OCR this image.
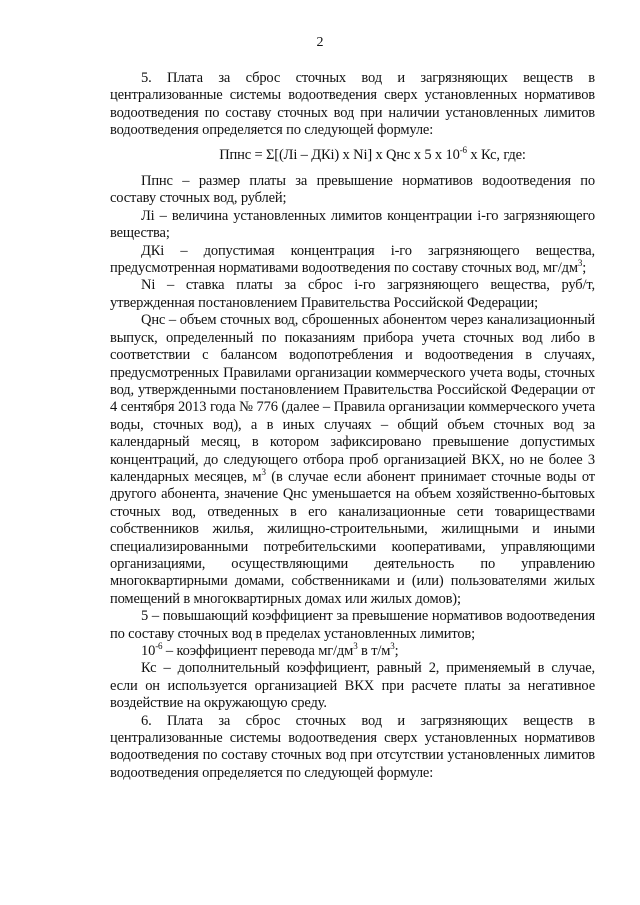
2

5. Плата за сброс сточных вод и загрязняющих веществ в централизованные системы водоотведения сверх установленных нормативов водоотведения по составу сточных вод при наличии установленных лимитов водоотведения определяется по следующей формуле:

Ппнс = Σ[(Лi – ДКi) x Ni] x Qнс x 5 x $10^{-6}$ x Кс, где:

Ппнс – размер платы за превышение нормативов водоотведения по составу сточных вод, рублей;

Лi – величина установленных лимитов концентрации i-го загрязняющего вещества;

ДКi – допустимая концентрация i-го загрязняющего вещества, предусмотренная нормативами водоотведения по составу сточных вод, $мг/дм^3$;

Ni – ставка платы за сброс i-го загрязняющего вещества, руб/т, утвержденная постановлением Правительства Российской Федерации;

Qнс – объем сточных вод, сброшенных абонентом через канализационный выпуск, определенный по показаниям прибора учета сточных вод либо в соответствии с балансом водопотребления и водоотведения в случаях, предусмотренных Правилами организации коммерческого учета воды, сточных вод, утвержденными постановлением Правительства Российской Федерации от 4 сентября 2013 года № 776 (далее – Правила организации коммерческого учета воды, сточных вод), а в иных случаях – общий объем сточных вод за календарный месяц, в котором зафиксировано превышение допустимых концентраций, до следующего отбора проб организацией ВКХ, но не более 3 календарных месяцев, $м^3$ (в случае если абонент принимает сточные воды от другого абонента, значение Qнс уменьшается на объем хозяйственно-бытовых сточных вод, отведенных в его канализационные сети товариществами собственников жилья, жилищно-строительными, жилищными и иными специализированными потребительскими кооперативами, управляющими организациями, осуществляющими деятельность по управлению многоквартирными домами, собственниками и (или) пользователями жилых помещений в многоквартирных домах или жилых домов);

5 – повышающий коэффициент за превышение нормативов водоотведения по составу сточных вод в пределах установленных лимитов;

$10^{-6}$ – коэффициент перевода $мг/дм^3$ в $т/м^3$;

Кс – дополнительный коэффициент, равный 2, применяемый в случае, если он используется организацией ВКХ при расчете платы за негативное воздействие на окружающую среду.

6. Плата за сброс сточных вод и загрязняющих веществ в централизованные системы водоотведения сверх установленных нормативов водоотведения по составу сточных вод при отсутствии установленных лимитов водоотведения определяется по следующей формуле:
